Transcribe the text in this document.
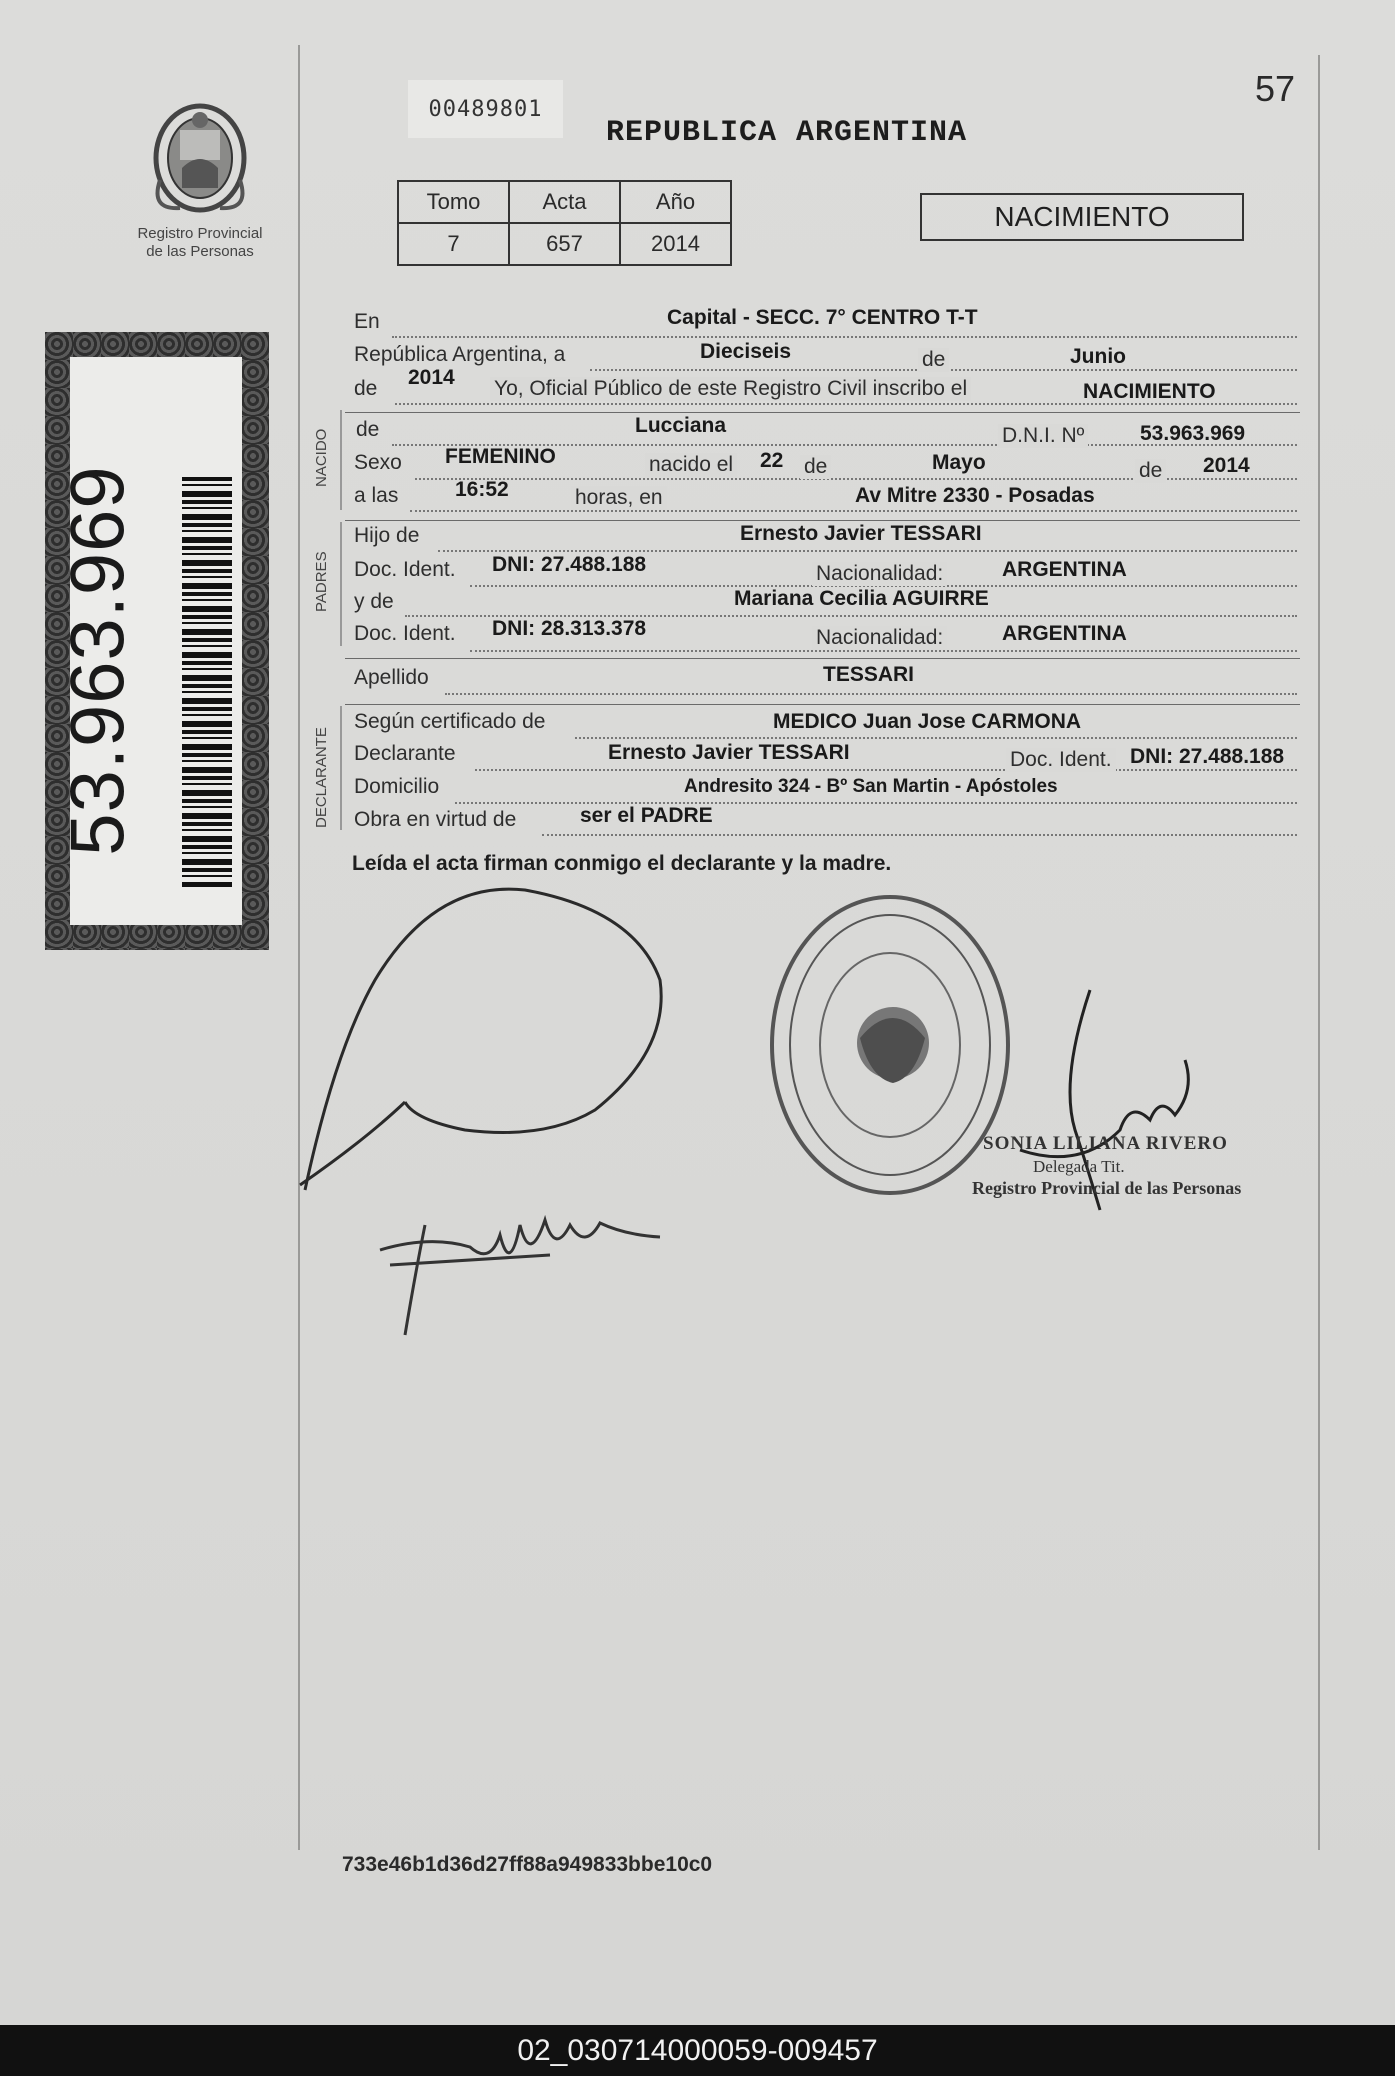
Registro Provincial
de las Personas
53.963.969
00489801
REPUBLICA ARGENTINA
57
Tomo	Acta	Año
7	657	2014
NACIMIENTO
NACIDO
PADRES
DECLARANTE
En	Capital - SECC. 7° CENTRO T-T
República Argentina, a	Dieciseis	de	Junio
de 2014 Yo, Oficial Público de este Registro Civil inscribo el	NACIMIENTO
de	Lucciana	D.N.I. Nº	53.963.969
Sexo FEMENINO	nacido el 22 de	Mayo	de 2014
a las	16:52	horas, en	Av Mitre 2330 - Posadas
Hijo de	Ernesto Javier TESSARI
Doc. Ident. DNI: 27.488.188	Nacionalidad:	ARGENTINA
y de	Mariana Cecilia AGUIRRE
Doc. Ident. DNI: 28.313.378	Nacionalidad:	ARGENTINA
Apellido	TESSARI
Según certificado de	MEDICO Juan Jose CARMONA
Declarante	Ernesto Javier TESSARI	Doc. Ident. DNI: 27.488.188
Domicilio	Andresito 324 - Bº San Martin - Apóstoles
Obra en virtud de	ser el PADRE
Leída el acta firman conmigo el declarante y la madre.
SONIA LILIANA RIVERO
Delegada Tit.
Registro Provincial de las Personas
733e46b1d36d27ff88a949833bbe10c0
02_030714000059-009457
